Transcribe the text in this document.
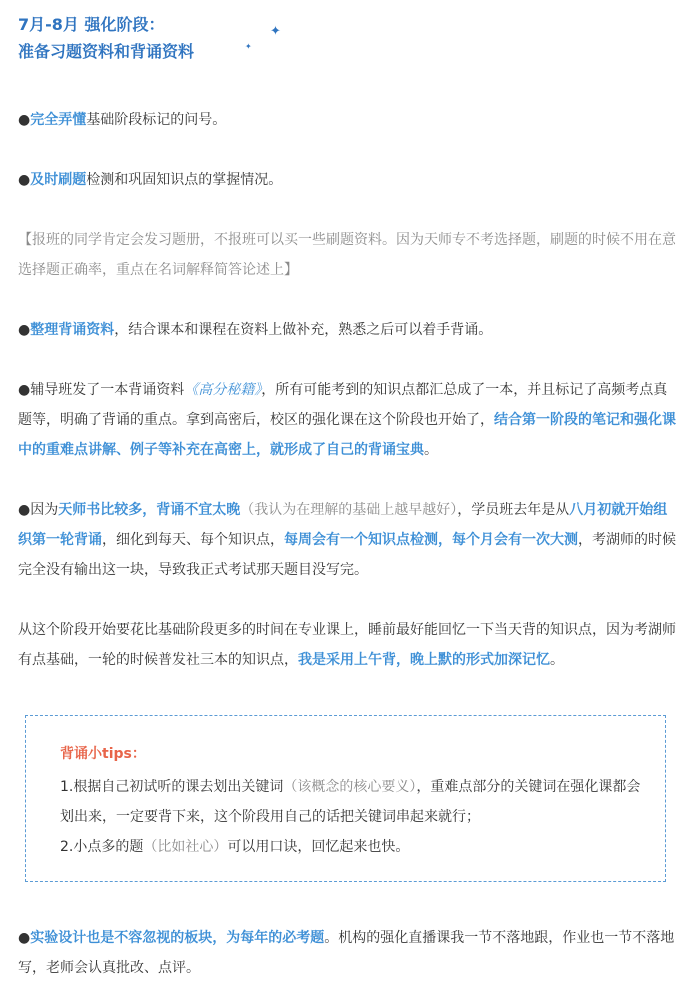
7月-8月 强化阶段：
准备习题资料和背诵资料
✦
✦
●完全弄懂基础阶段标记的问号。
●及时刷题检测和巩固知识点的掌握情况。
【报班的同学肯定会发习题册，不报班可以买一些刷题资料。因为天师专不考选择题，刷题的时候不用在意选择题正确率，重点在名词解释简答论述上】
●整理背诵资料，结合课本和课程在资料上做补充，熟悉之后可以着手背诵。
●辅导班发了一本背诵资料《高分秘籍》，所有可能考到的知识点都汇总成了一本，并且标记了高频考点真题等，明确了背诵的重点。拿到高密后，校区的强化课在这个阶段也开始了，结合第一阶段的笔记和强化课中的重难点讲解、例子等补充在高密上，就形成了自己的背诵宝典。
●因为天师书比较多，背诵不宜太晚（我认为在理解的基础上越早越好），学员班去年是从八月初就开始组织第一轮背诵，细化到每天、每个知识点，每周会有一个知识点检测，每个月会有一次大测，考湖师的时候完全没有输出这一块，导致我正式考试那天题目没写完。
从这个阶段开始要花比基础阶段更多的时间在专业课上，睡前最好能回忆一下当天背的知识点，因为考湖师有点基础，一轮的时候普发社三本的知识点，我是采用上午背，晚上默的形式加深记忆。
背诵小tips：
1.根据自己初试听的课去划出关键词（该概念的核心要义），重难点部分的关键词在强化课都会划出来，一定要背下来，这个阶段用自己的话把关键词串起来就行；
2.小点多的题（比如社心）可以用口诀，回忆起来也快。
●实验设计也是不容忽视的板块，为每年的必考题。机构的强化直播课我一节不落地跟，作业也一节不落地写，老师会认真批改、点评。
